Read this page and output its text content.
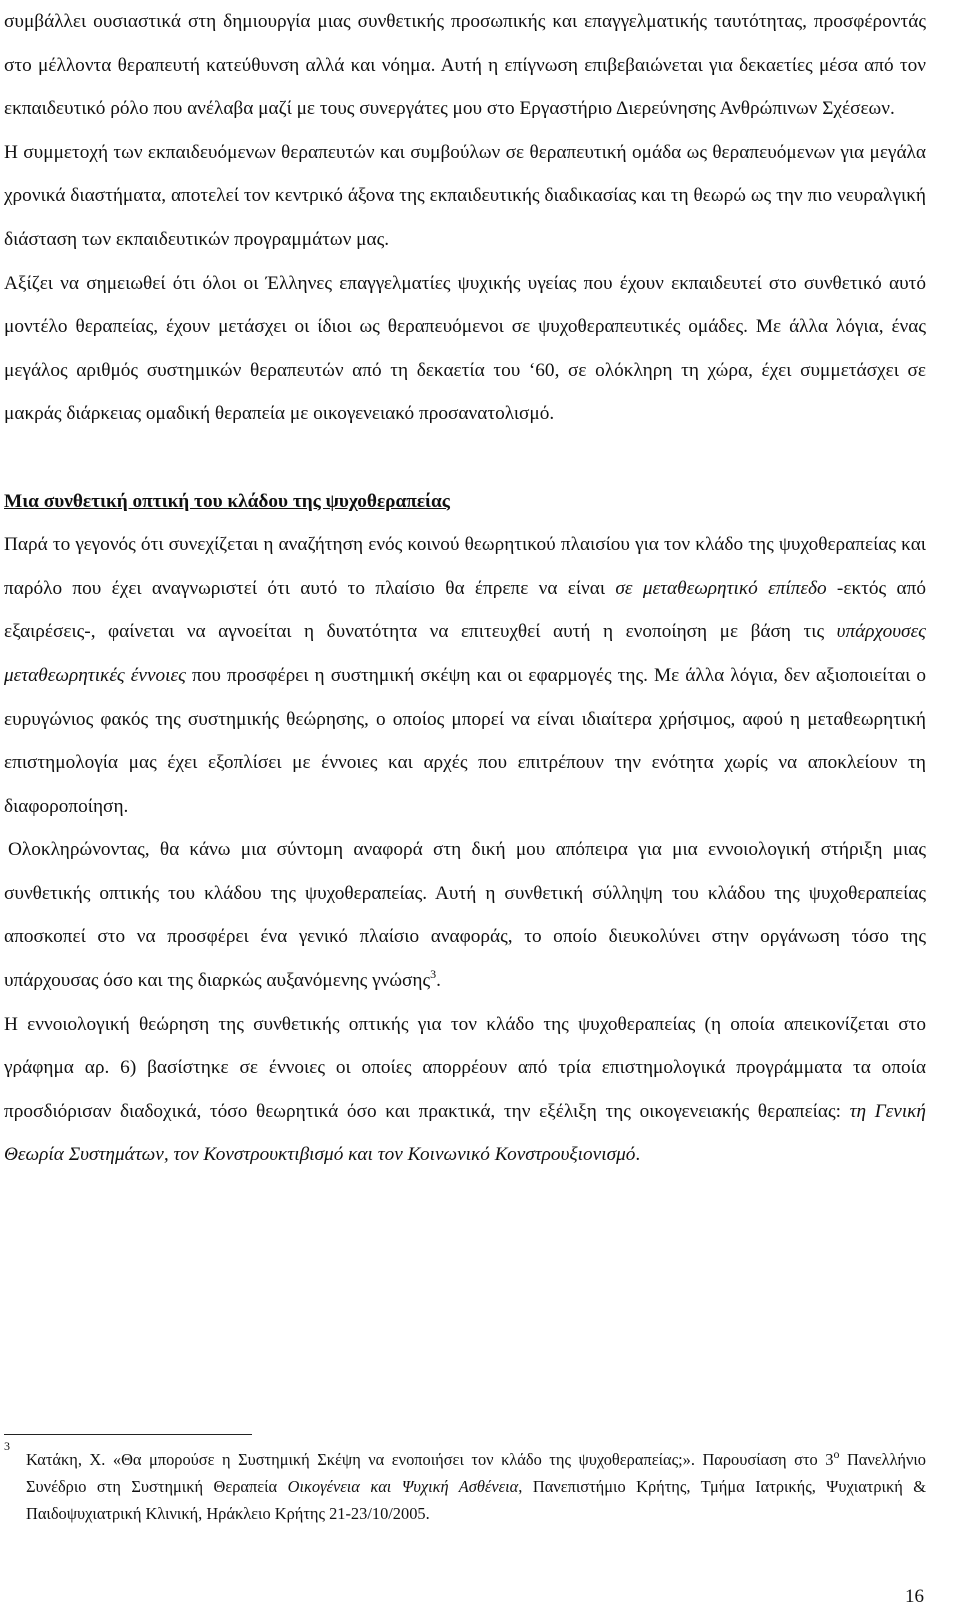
συμβάλλει ουσιαστικά στη δημιουργία μιας συνθετικής προσωπικής και επαγγελματικής ταυτότητας, προσφέροντάς στο μέλλοντα θεραπευτή κατεύθυνση αλλά και νόημα. Αυτή η επίγνωση επιβεβαιώνεται για δεκαετίες μέσα από τον εκπαιδευτικό ρόλο που ανέλαβα μαζί με τους συνεργάτες μου στο Εργαστήριο Διερεύνησης Ανθρώπινων Σχέσεων.

Η συμμετοχή των εκπαιδευόμενων θεραπευτών και συμβούλων σε θεραπευτική ομάδα ως θεραπευόμενων για μεγάλα χρονικά διαστήματα, αποτελεί τον κεντρικό άξονα της εκπαιδευτικής διαδικασίας και τη θεωρώ ως την πιο νευραλγική διάσταση των εκπαιδευτικών προγραμμάτων μας.

Αξίζει να σημειωθεί ότι όλοι οι Έλληνες επαγγελματίες ψυχικής υγείας που έχουν εκπαιδευτεί στο συνθετικό αυτό μοντέλο θεραπείας, έχουν μετάσχει οι ίδιοι ως θεραπευόμενοι σε ψυχοθεραπευτικές ομάδες. Με άλλα λόγια, ένας μεγάλος αριθμός συστημικών θεραπευτών από τη δεκαετία του ‘60, σε ολόκληρη τη χώρα, έχει συμμετάσχει σε μακράς διάρκειας ομαδική θεραπεία με οικογενειακό προσανατολισμό.

Μια συνθετική οπτική του κλάδου της ψυχοθεραπείας

Παρά το γεγονός ότι συνεχίζεται η αναζήτηση ενός κοινού θεωρητικού πλαισίου για τον κλάδο της ψυχοθεραπείας και παρόλο που έχει αναγνωριστεί ότι αυτό το πλαίσιο θα έπρεπε να είναι σε μεταθεωρητικό επίπεδο -εκτός από εξαιρέσεις-, φαίνεται να αγνοείται η δυνατότητα να επιτευχθεί αυτή η ενοποίηση με βάση τις υπάρχουσες μεταθεωρητικές έννοιες που προσφέρει η συστημική σκέψη και οι εφαρμογές της. Με άλλα λόγια, δεν αξιοποιείται ο ευρυγώνιος φακός της συστημικής θεώρησης, ο οποίος μπορεί να είναι ιδιαίτερα χρήσιμος, αφού η μεταθεωρητική επιστημολογία μας έχει εξοπλίσει με έννοιες και αρχές που επιτρέπουν την ενότητα χωρίς να αποκλείουν τη διαφοροποίηση.

Ολοκληρώνοντας, θα κάνω μια σύντομη αναφορά στη δική μου απόπειρα για μια εννοιολογική στήριξη μιας συνθετικής οπτικής του κλάδου της ψυχοθεραπείας. Αυτή η συνθετική σύλληψη του κλάδου της ψυχοθεραπείας αποσκοπεί στο να προσφέρει ένα γενικό πλαίσιο αναφοράς, το οποίο διευκολύνει στην οργάνωση τόσο της υπάρχουσας όσο και της διαρκώς αυξανόμενης γνώσης$^3$.

Η εννοιολογική θεώρηση της συνθετικής οπτικής για τον κλάδο της ψυχοθεραπείας (η οποία απεικονίζεται στο γράφημα αρ. 6) βασίστηκε σε έννοιες οι οποίες απορρέουν από τρία επιστημολογικά προγράμματα τα οποία προσδιόρισαν διαδοχικά, τόσο θεωρητικά όσο και πρακτικά, την εξέλιξη της οικογενειακής θεραπείας: τη Γενική Θεωρία Συστημάτων, τον Κονστρουκτιβισμό και τον Κοινωνικό Κονστρουξιονισμό.

3
Κατάκη, Χ. «Θα μπορούσε η Συστημική Σκέψη να ενοποιήσει τον κλάδο της ψυχοθεραπείας;». Παρουσίαση στο $3^o$ Πανελλήνιο Συνέδριο στη Συστημική Θεραπεία Οικογένεια και Ψυχική Ασθένεια, Πανεπιστήμιο Κρήτης, Τμήμα Ιατρικής, Ψυχιατρική & Παιδοψυχιατρική Κλινική, Ηράκλειο Κρήτης 21-23/10/2005.
16
